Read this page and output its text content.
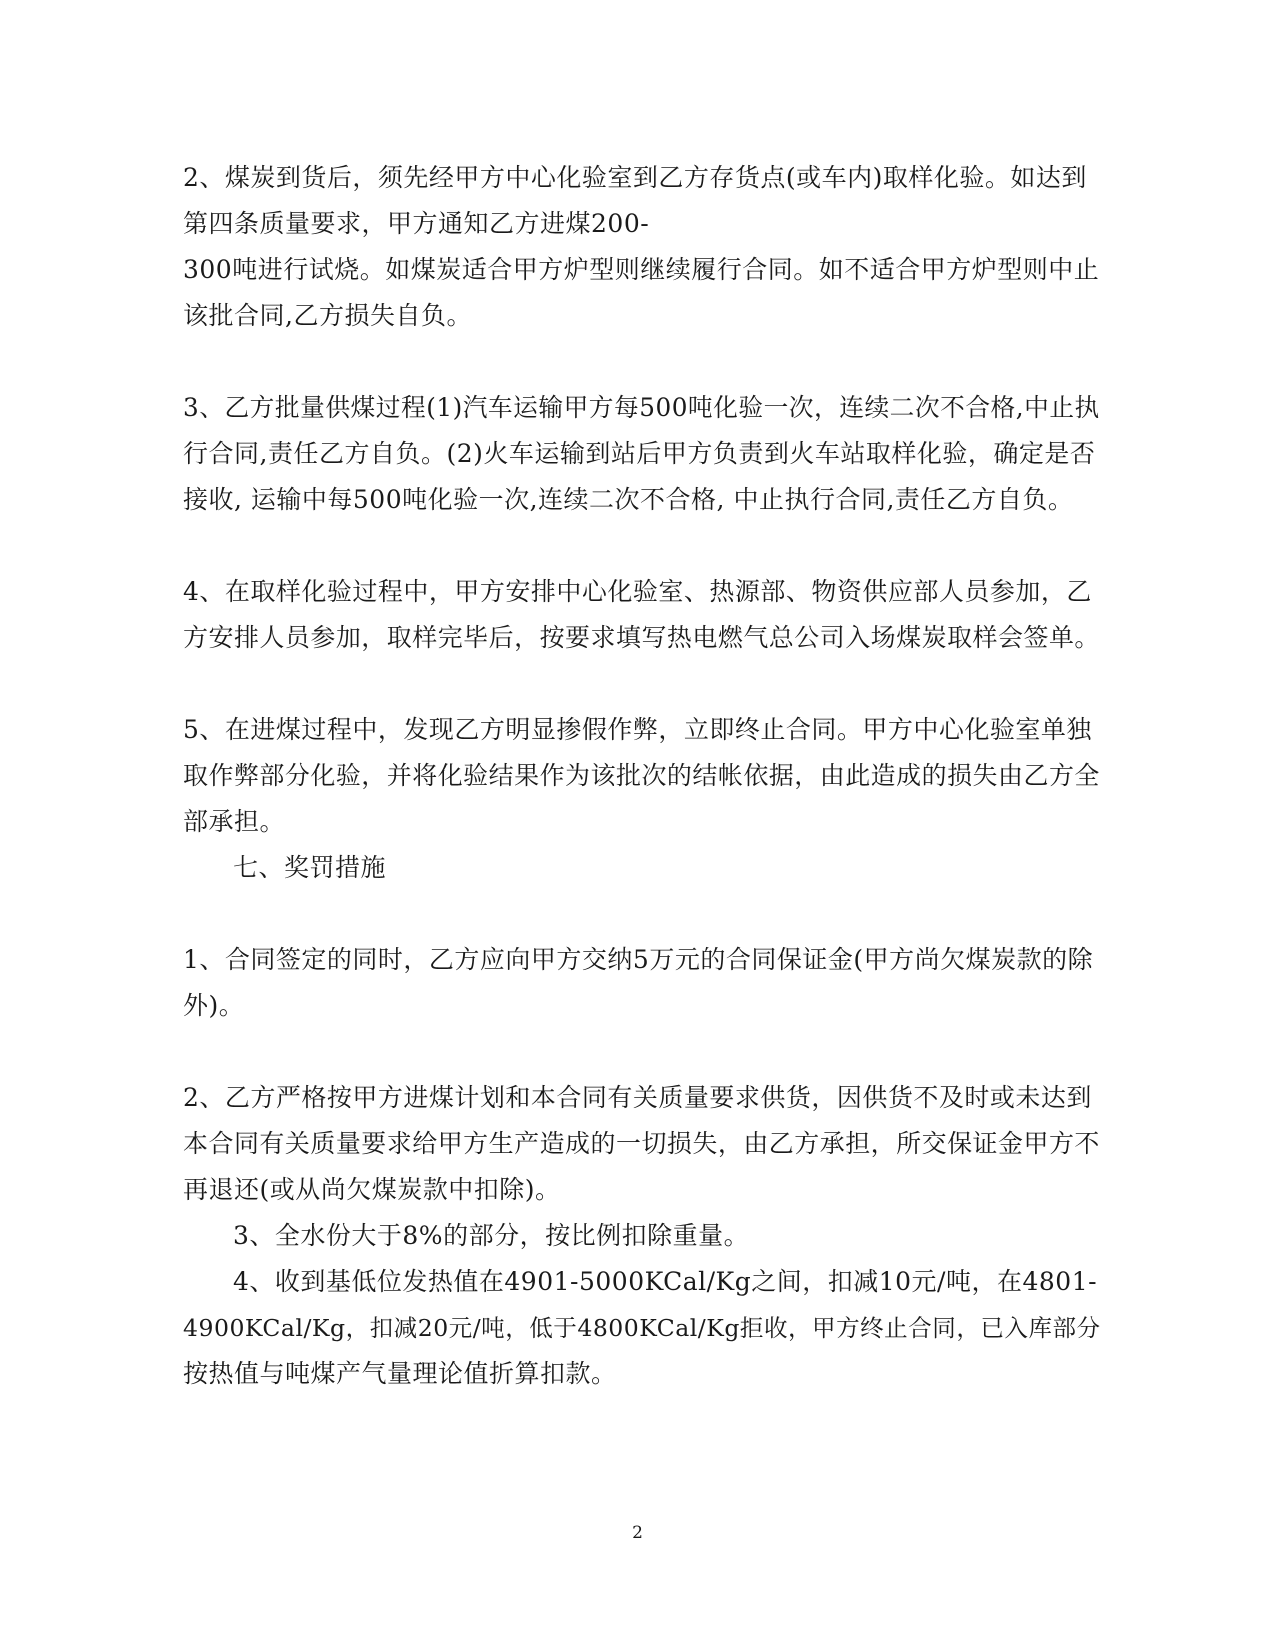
2、煤炭到货后，须先经甲方中心化验室到乙方存货点(或车内)取样化验。如达到
第四条质量要求，甲方通知乙方进煤200-
300吨进行试烧。如煤炭适合甲方炉型则继续履行合同。如不适合甲方炉型则中止
该批合同,乙方损失自负。
3、乙方批量供煤过程(1)汽车运输甲方每500吨化验一次，连续二次不合格,中止执
行合同,责任乙方自负。(2)火车运输到站后甲方负责到火车站取样化验，确定是否
接收, 运输中每500吨化验一次,连续二次不合格, 中止执行合同,责任乙方自负。
4、在取样化验过程中，甲方安排中心化验室、热源部、物资供应部人员参加，乙
方安排人员参加，取样完毕后，按要求填写热电燃气总公司入场煤炭取样会签单。
5、在进煤过程中，发现乙方明显掺假作弊，立即终止合同。甲方中心化验室单独
取作弊部分化验，并将化验结果作为该批次的结帐依据，由此造成的损失由乙方全
部承担。
七、奖罚措施
1、合同签定的同时，乙方应向甲方交纳5万元的合同保证金(甲方尚欠煤炭款的除
外)。
2、乙方严格按甲方进煤计划和本合同有关质量要求供货，因供货不及时或未达到
本合同有关质量要求给甲方生产造成的一切损失，由乙方承担，所交保证金甲方不
再退还(或从尚欠煤炭款中扣除)。
3、全水份大于8%的部分，按比例扣除重量。
4、收到基低位发热值在4901-5000KCal/Kg之间，扣减10元/吨，在4801-
4900KCal/Kg，扣减20元/吨，低于4800KCal/Kg拒收，甲方终止合同，已入库部分
按热值与吨煤产气量理论值折算扣款。
2
